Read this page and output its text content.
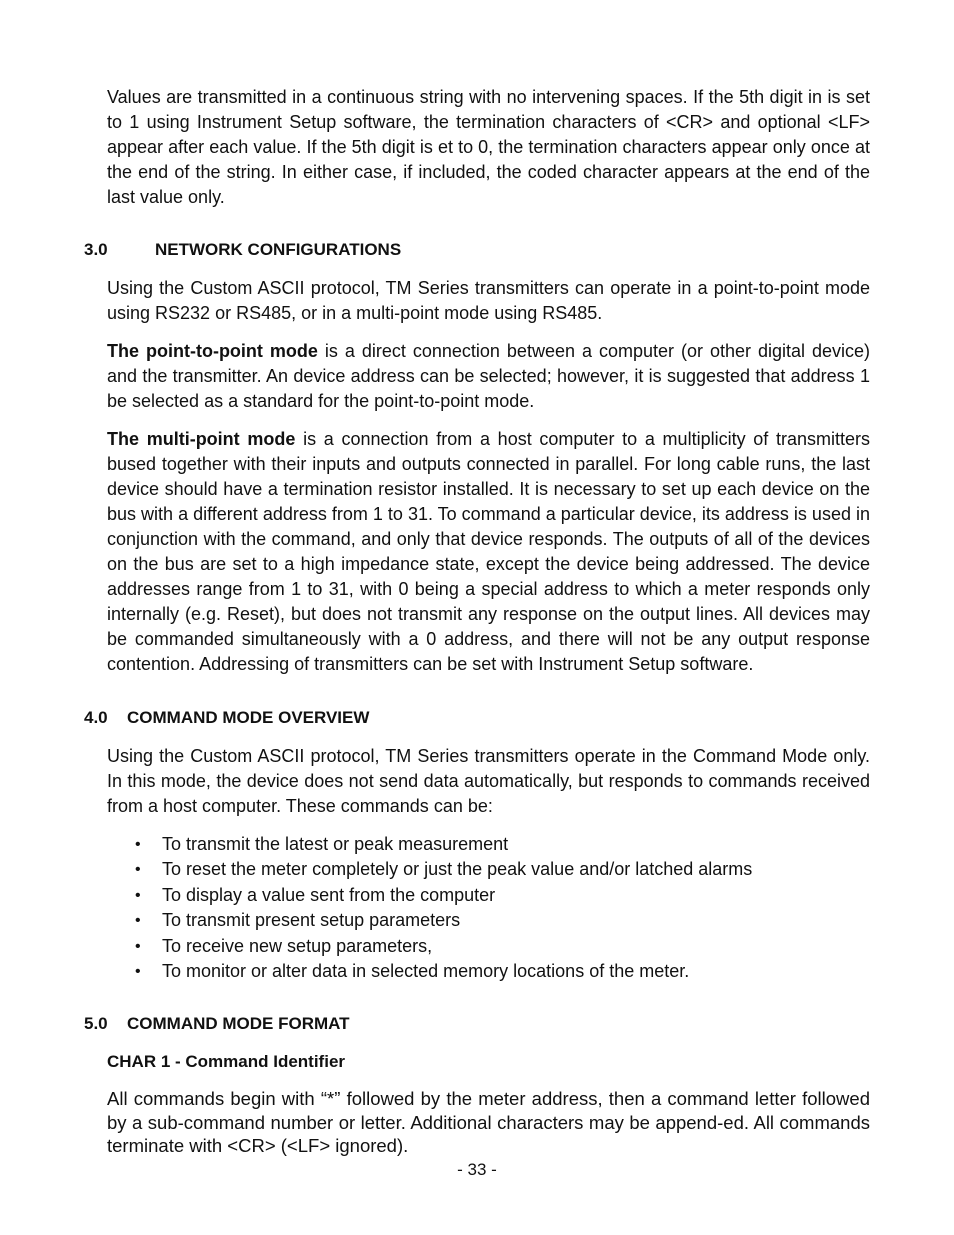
Values are transmitted in a continuous string with no intervening spaces. If the 5th digit in is set to 1 using Instrument Setup software, the termination characters of <CR> and optional <LF> appear after each value. If the 5th digit is et to 0, the termination characters appear only once at the end of the string. In either case, if included, the coded character appears at the end of the last value only.

3.0	NETWORK CONFIGURATIONS

Using the Custom ASCII protocol, TM Series transmitters can operate in a point-to-point mode using RS232 or RS485, or in a multi-point mode using RS485.

The point-to-point mode is a direct connection between a computer (or other digital device) and the transmitter. An device address can be selected; however, it is suggested that address 1 be selected as a standard for the point-to-point mode.

The multi-point mode is a connection from a host computer to a multiplicity of transmitters bused together with their inputs and outputs connected in parallel. For long cable runs, the last device should have a termination resistor installed. It is necessary to set up each device on the bus with a different address from 1 to 31. To command a particular device, its address is used in conjunction with the command, and only that device responds. The outputs of all of the devices on the bus are set to a high impedance state, except the device being addressed. The device addresses range from 1 to 31, with 0 being a special address to which a meter responds only internally (e.g. Reset), but does not transmit any response on the output lines. All devices may be commanded simultaneously with a 0 address, and there will not be any output response contention. Addressing of transmitters can be set with Instrument Setup software.

4.0 COMMAND MODE OVERVIEW

Using the Custom ASCII protocol, TM Series transmitters operate in the Command Mode only. In this mode, the device does not send data automatically, but responds to commands received from a host computer. These commands can be:

• To transmit the latest or peak measurement
• To reset the meter completely or just the peak value and/or latched alarms
• To display a value sent from the computer
• To transmit present setup parameters
• To receive new setup parameters,
• To monitor or alter data in selected memory locations of the meter.
5.0 COMMAND MODE FORMAT
CHAR 1 - Command Identifier

All commands begin with “*” followed by the meter address, then a command letter followed by a sub-command number or letter. Additional characters may be append-ed. All commands terminate with <CR> (<LF> ignored).

- 33 -
